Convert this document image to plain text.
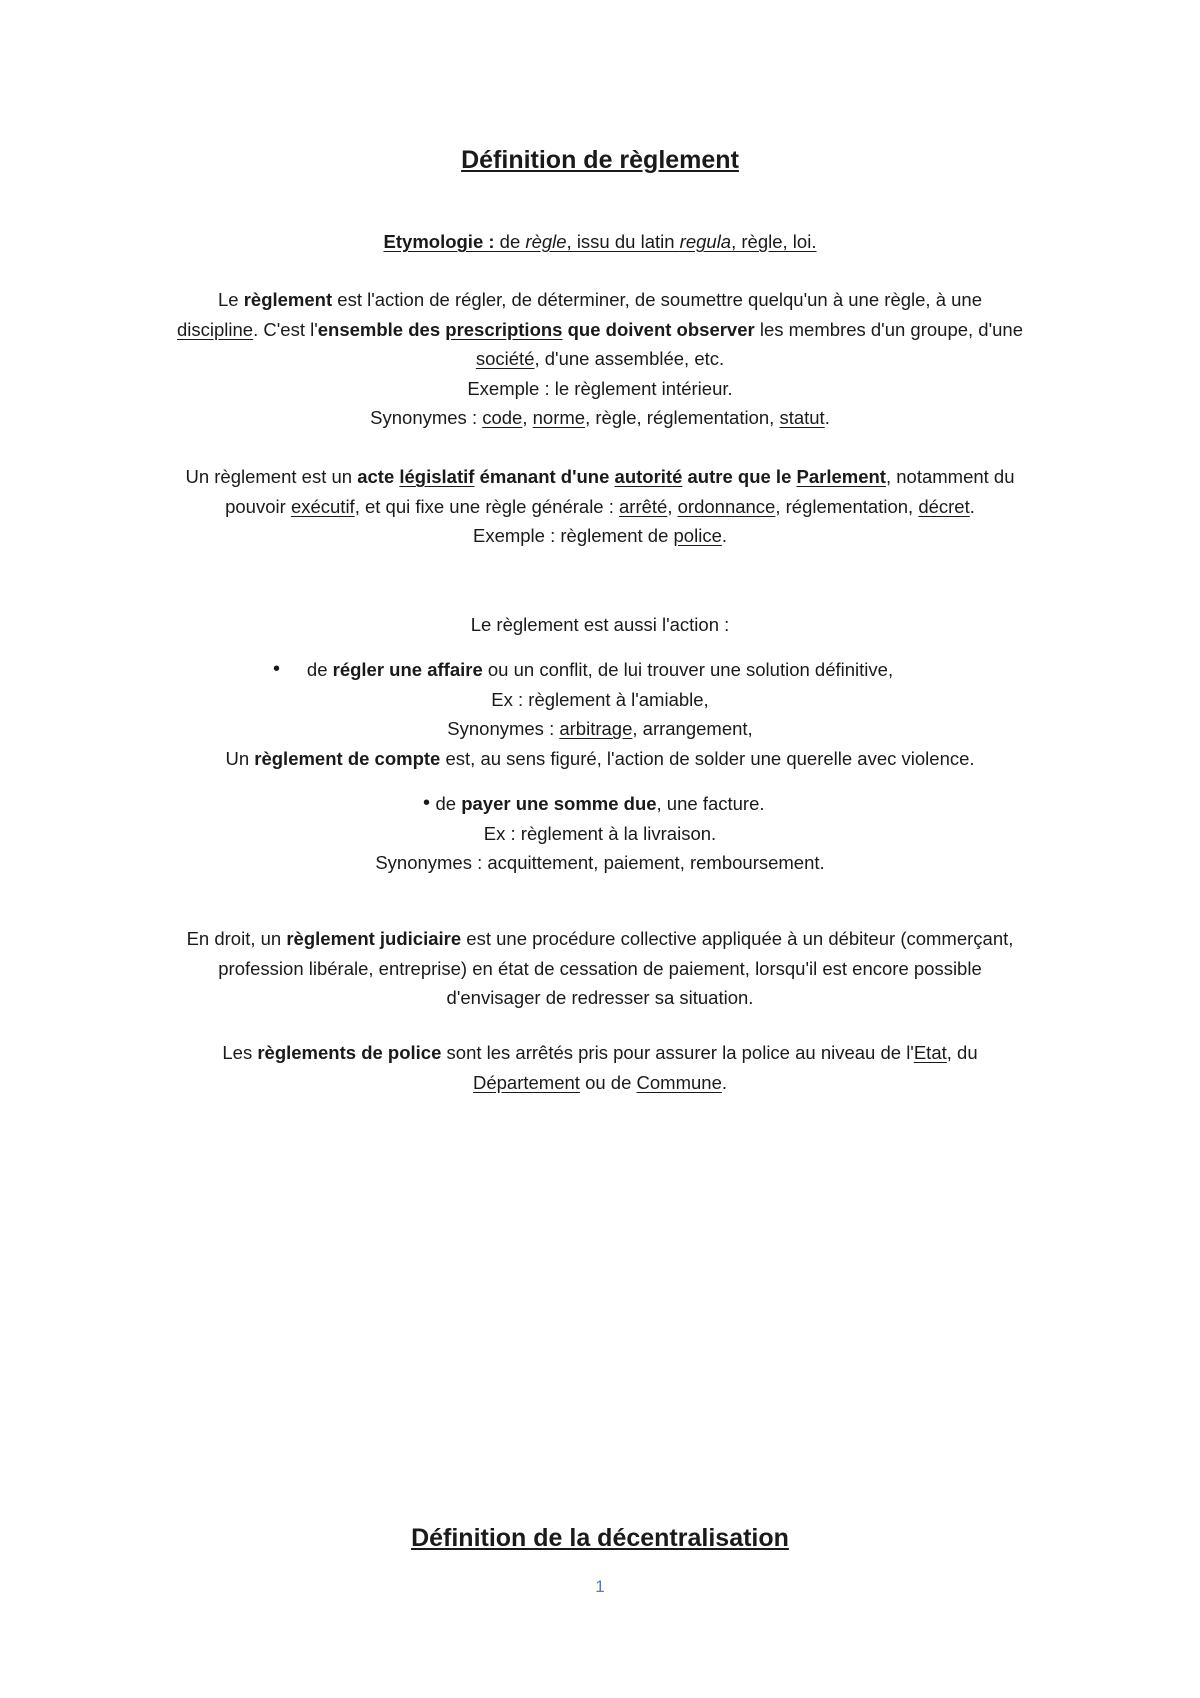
Définition de règlement
Etymologie : de règle, issu du latin regula, règle, loi.
Le règlement est l'action de régler, de déterminer, de soumettre quelqu'un à une règle, à une
discipline. C'est l'ensemble des prescriptions que doivent observer les membres d'un groupe, d'une
société, d'une assemblée, etc.
Exemple : le règlement intérieur.
Synonymes : code, norme, règle, réglementation, statut.
Un règlement est un acte législatif émanant d'une autorité autre que le Parlement, notamment du
pouvoir exécutif, et qui fixe une règle générale : arrêté, ordonnance, réglementation, décret.
Exemple : règlement de police.
Le règlement est aussi l'action :
•	de régler une affaire ou un conflit, de lui trouver une solution définitive,
Ex : règlement à l'amiable,
Synonymes : arbitrage, arrangement,
Un règlement de compte est, au sens figuré, l'action de solder une querelle avec violence.
• de payer une somme due, une facture.
Ex : règlement à la livraison.
Synonymes : acquittement, paiement, remboursement.
En droit, un règlement judiciaire est une procédure collective appliquée à un débiteur (commerçant,
profession libérale, entreprise) en état de cessation de paiement, lorsqu'il est encore possible
d'envisager de redresser sa situation.
Les règlements de police sont les arrêtés pris pour assurer la police au niveau de l'Etat, du
Département ou de Commune.
Définition de la décentralisation
1
